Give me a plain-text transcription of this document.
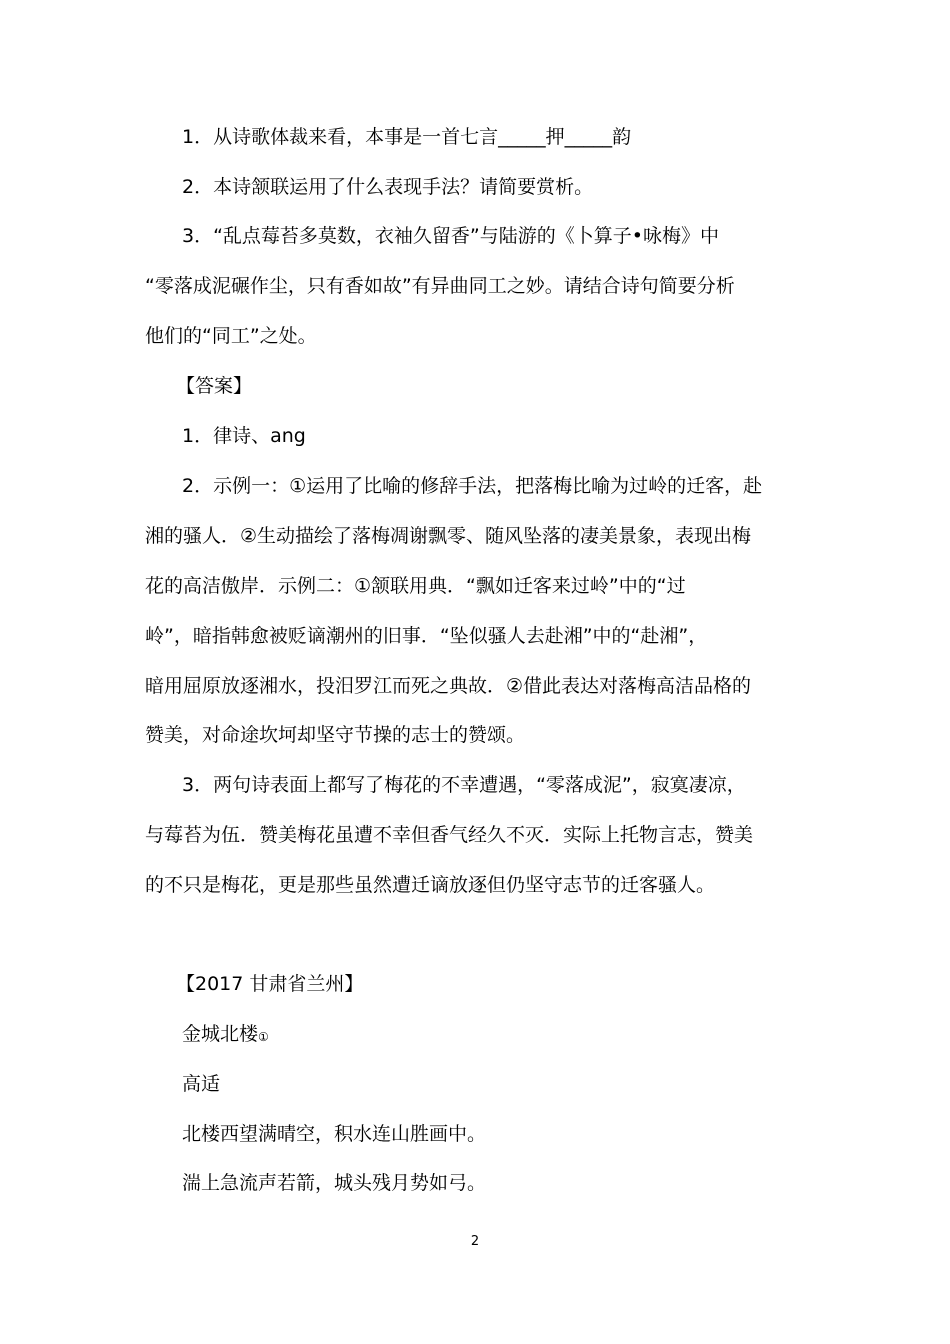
1．从诗歌体裁来看，本事是一首七言_____押_____韵
2．本诗颔联运用了什么表现手法？请简要赏析。
3．“乱点莓苔多莫数，衣袖久留香”与陆游的《卜算子•咏梅》中
“零落成泥碾作尘，只有香如故”有异曲同工之妙。请结合诗句简要分析
他们的“同工”之处。
【答案】
1．律诗、ang
2．示例一：①运用了比喻的修辞手法，把落梅比喻为过岭的迁客，赴
湘的骚人．②生动描绘了落梅凋谢飘零、随风坠落的凄美景象，表现出梅
花的高洁傲岸．示例二：①颔联用典．“飘如迁客来过岭”中的“过
岭”，暗指韩愈被贬谪潮州的旧事．“坠似骚人去赴湘”中的“赴湘”，
暗用屈原放逐湘水，投汨罗江而死之典故．②借此表达对落梅高洁品格的
赞美，对命途坎坷却坚守节操的志士的赞颂。
3．两句诗表面上都写了梅花的不幸遭遇，“零落成泥”，寂寞凄凉，
与莓苔为伍．赞美梅花虽遭不幸但香气经久不灭．实际上托物言志，赞美
的不只是梅花，更是那些虽然遭迁谪放逐但仍坚守志节的迁客骚人。
【2017 甘肃省兰州】
金城北楼①
高适
北楼西望满晴空，积水连山胜画中。
湍上急流声若箭，城头残月势如弓。
2
